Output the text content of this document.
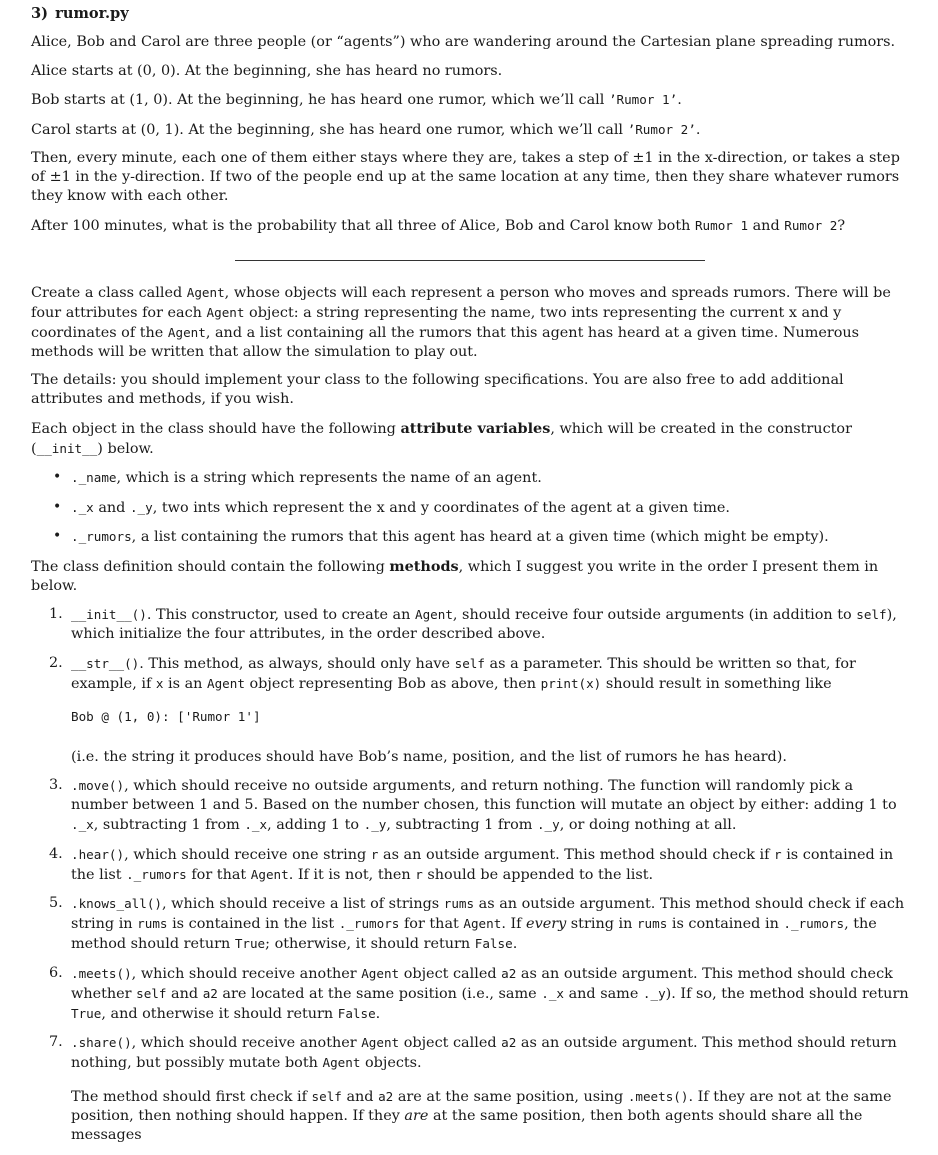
3) rumor.py

Alice, Bob and Carol are three people (or “agents”) who are wandering around the Cartesian plane spreading rumors.

Alice starts at (0, 0). At the beginning, she has heard no rumors.

Bob starts at (1, 0). At the beginning, he has heard one rumor, which we’ll call ’Rumor 1’.

Carol starts at (0, 1). At the beginning, she has heard one rumor, which we’ll call ’Rumor 2’.

Then, every minute, each one of them either stays where they are, takes a step of ±1 in the x-direction, or takes a step of ±1 in the y-direction. If two of the people end up at the same location at any time, then they share whatever rumors they know with each other.

After 100 minutes, what is the probability that all three of Alice, Bob and Carol know both Rumor 1 and Rumor 2?

Create a class called Agent, whose objects will each represent a person who moves and spreads rumors. There will be four attributes for each Agent object: a string representing the name, two ints representing the current x and y coordinates of the Agent, and a list containing all the rumors that this agent has heard at a given time. Numerous methods will be written that allow the simulation to play out.

The details: you should implement your class to the following specifications. You are also free to add additional attributes and methods, if you wish.

Each object in the class should have the following attribute variables, which will be created in the constructor (__init__) below.

• ._name, which is a string which represents the name of an agent.
• ._x and ._y, two ints which represent the x and y coordinates of the agent at a given time.
• ._rumors, a list containing the rumors that this agent has heard at a given time (which might be empty).

The class definition should contain the following methods, which I suggest you write in the order I present them in below.

1. __init__(). This constructor, used to create an Agent, should receive four outside arguments (in addition to self), which initialize the four attributes, in the order described above.
2. __str__(). This method, as always, should only have self as a parameter. This should be written so that, for example, if x is an Agent object representing Bob as above, then print(x) should result in something like
Bob @ (1, 0): ['Rumor 1']
(i.e. the string it produces should have Bob’s name, position, and the list of rumors he has heard).
3. .move(), which should receive no outside arguments, and return nothing. The function will randomly pick a number between 1 and 5. Based on the number chosen, this function will mutate an object by either: adding 1 to ._x, subtracting 1 from ._x, adding 1 to ._y, subtracting 1 from ._y, or doing nothing at all.
4. .hear(), which should receive one string r as an outside argument. This method should check if r is contained in the list ._rumors for that Agent. If it is not, then r should be appended to the list.
5. .knows_all(), which should receive a list of strings rums as an outside argument. This method should check if each string in rums is contained in the list ._rumors for that Agent. If every string in rums is contained in ._rumors, the method should return True; otherwise, it should return False.
6. .meets(), which should receive another Agent object called a2 as an outside argument. This method should check whether self and a2 are located at the same position (i.e., same ._x and same ._y). If so, the method should return True, and otherwise it should return False.
7. .share(), which should receive another Agent object called a2 as an outside argument. This method should return nothing, but possibly mutate both Agent objects.
The method should first check if self and a2 are at the same position, using .meets(). If they are not at the same position, then nothing should happen. If they are at the same position, then both agents should share all the messages
